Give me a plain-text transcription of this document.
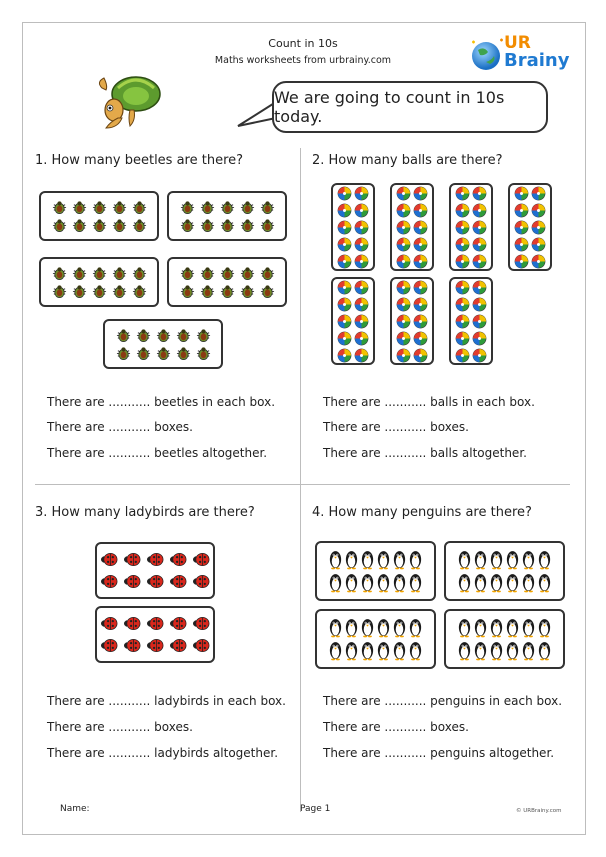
Count in 10s
Maths worksheets from urbrainy.com
UR
Brainy
We are going to count in 10s today.
1. How many beetles are there?
There are ........... beetles in each box.
There are ........... boxes.
There are ........... beetles altogether.
2. How many balls are there?
There are ........... balls in each box.
There are ........... boxes.
There are ........... balls altogether.
3. How many ladybirds are there?
There are ........... ladybirds in each box.
There are ........... boxes.
There are ........... ladybirds altogether.
4. How many penguins are there?
There are ........... penguins in each box.
There are ........... boxes.
There are ........... penguins altogether.
Name:	Page 1	© URBrainy.com
